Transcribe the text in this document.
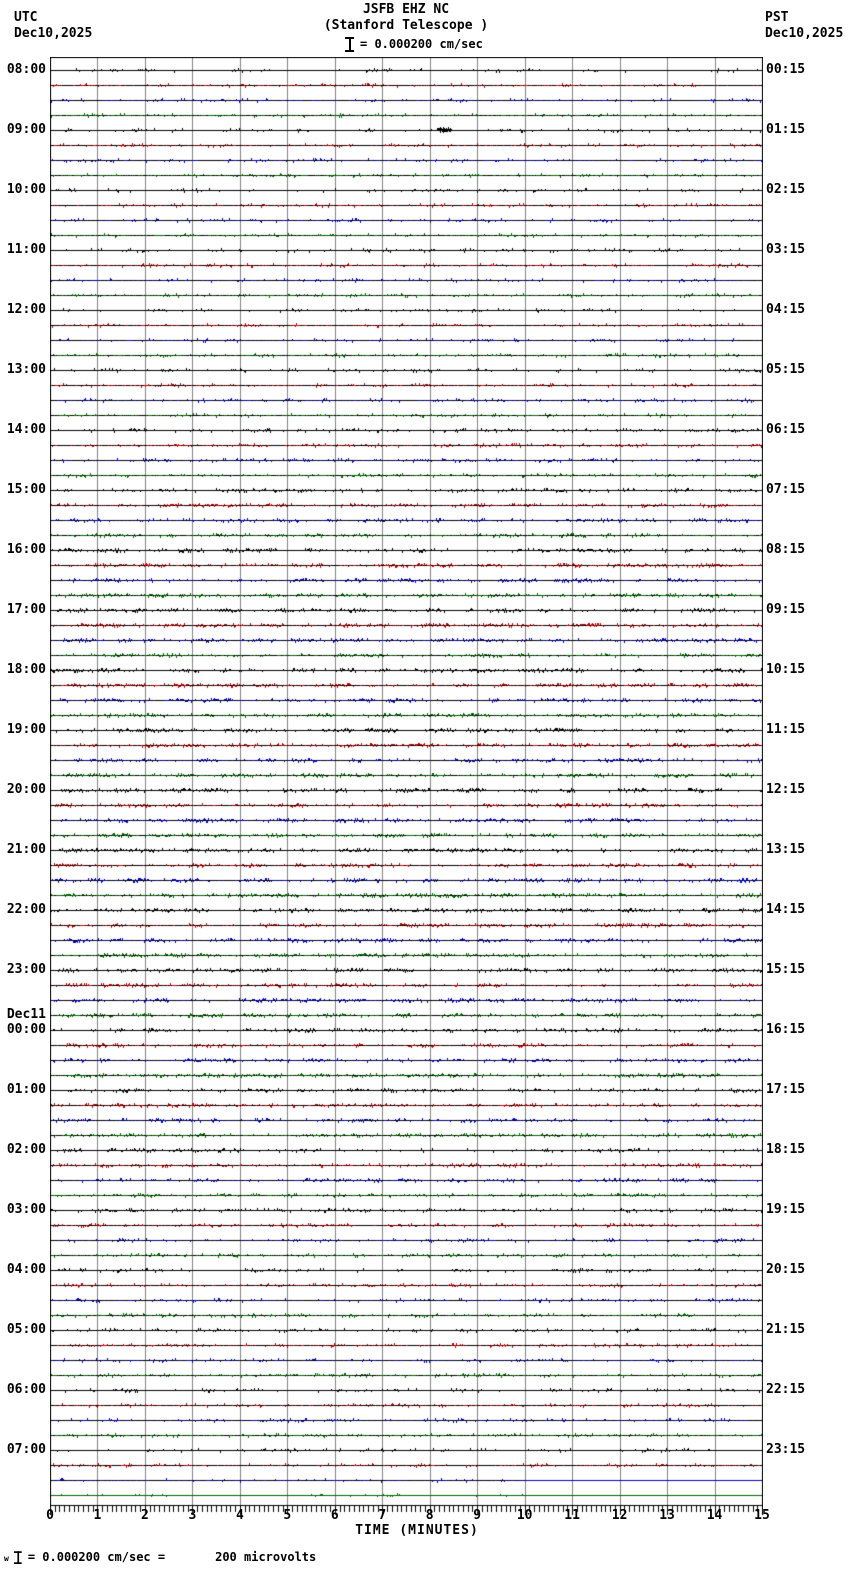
UTC
Dec10,2025
PST
Dec10,2025
JSFB EHZ NC
(Stanford Telescope )
= 0.000200 cm/sec
08:00
09:00
10:00
11:00
12:00
13:00
14:00
15:00
16:00
17:00
18:00
19:00
20:00
21:00
22:00
23:00
Dec11
00:00
01:00
02:00
03:00
04:00
05:00
06:00
07:00
00:15
01:15
02:15
03:15
04:15
05:15
06:15
07:15
08:15
09:15
10:15
11:15
12:15
13:15
14:15
15:15
16:15
17:15
18:15
19:15
20:15
21:15
22:15
23:15
0	1	2	3	4	5	6	7	8	9	10	11	12	13	14	15
TIME (MINUTES)
w = 0.000200 cm/sec =	200 microvolts
